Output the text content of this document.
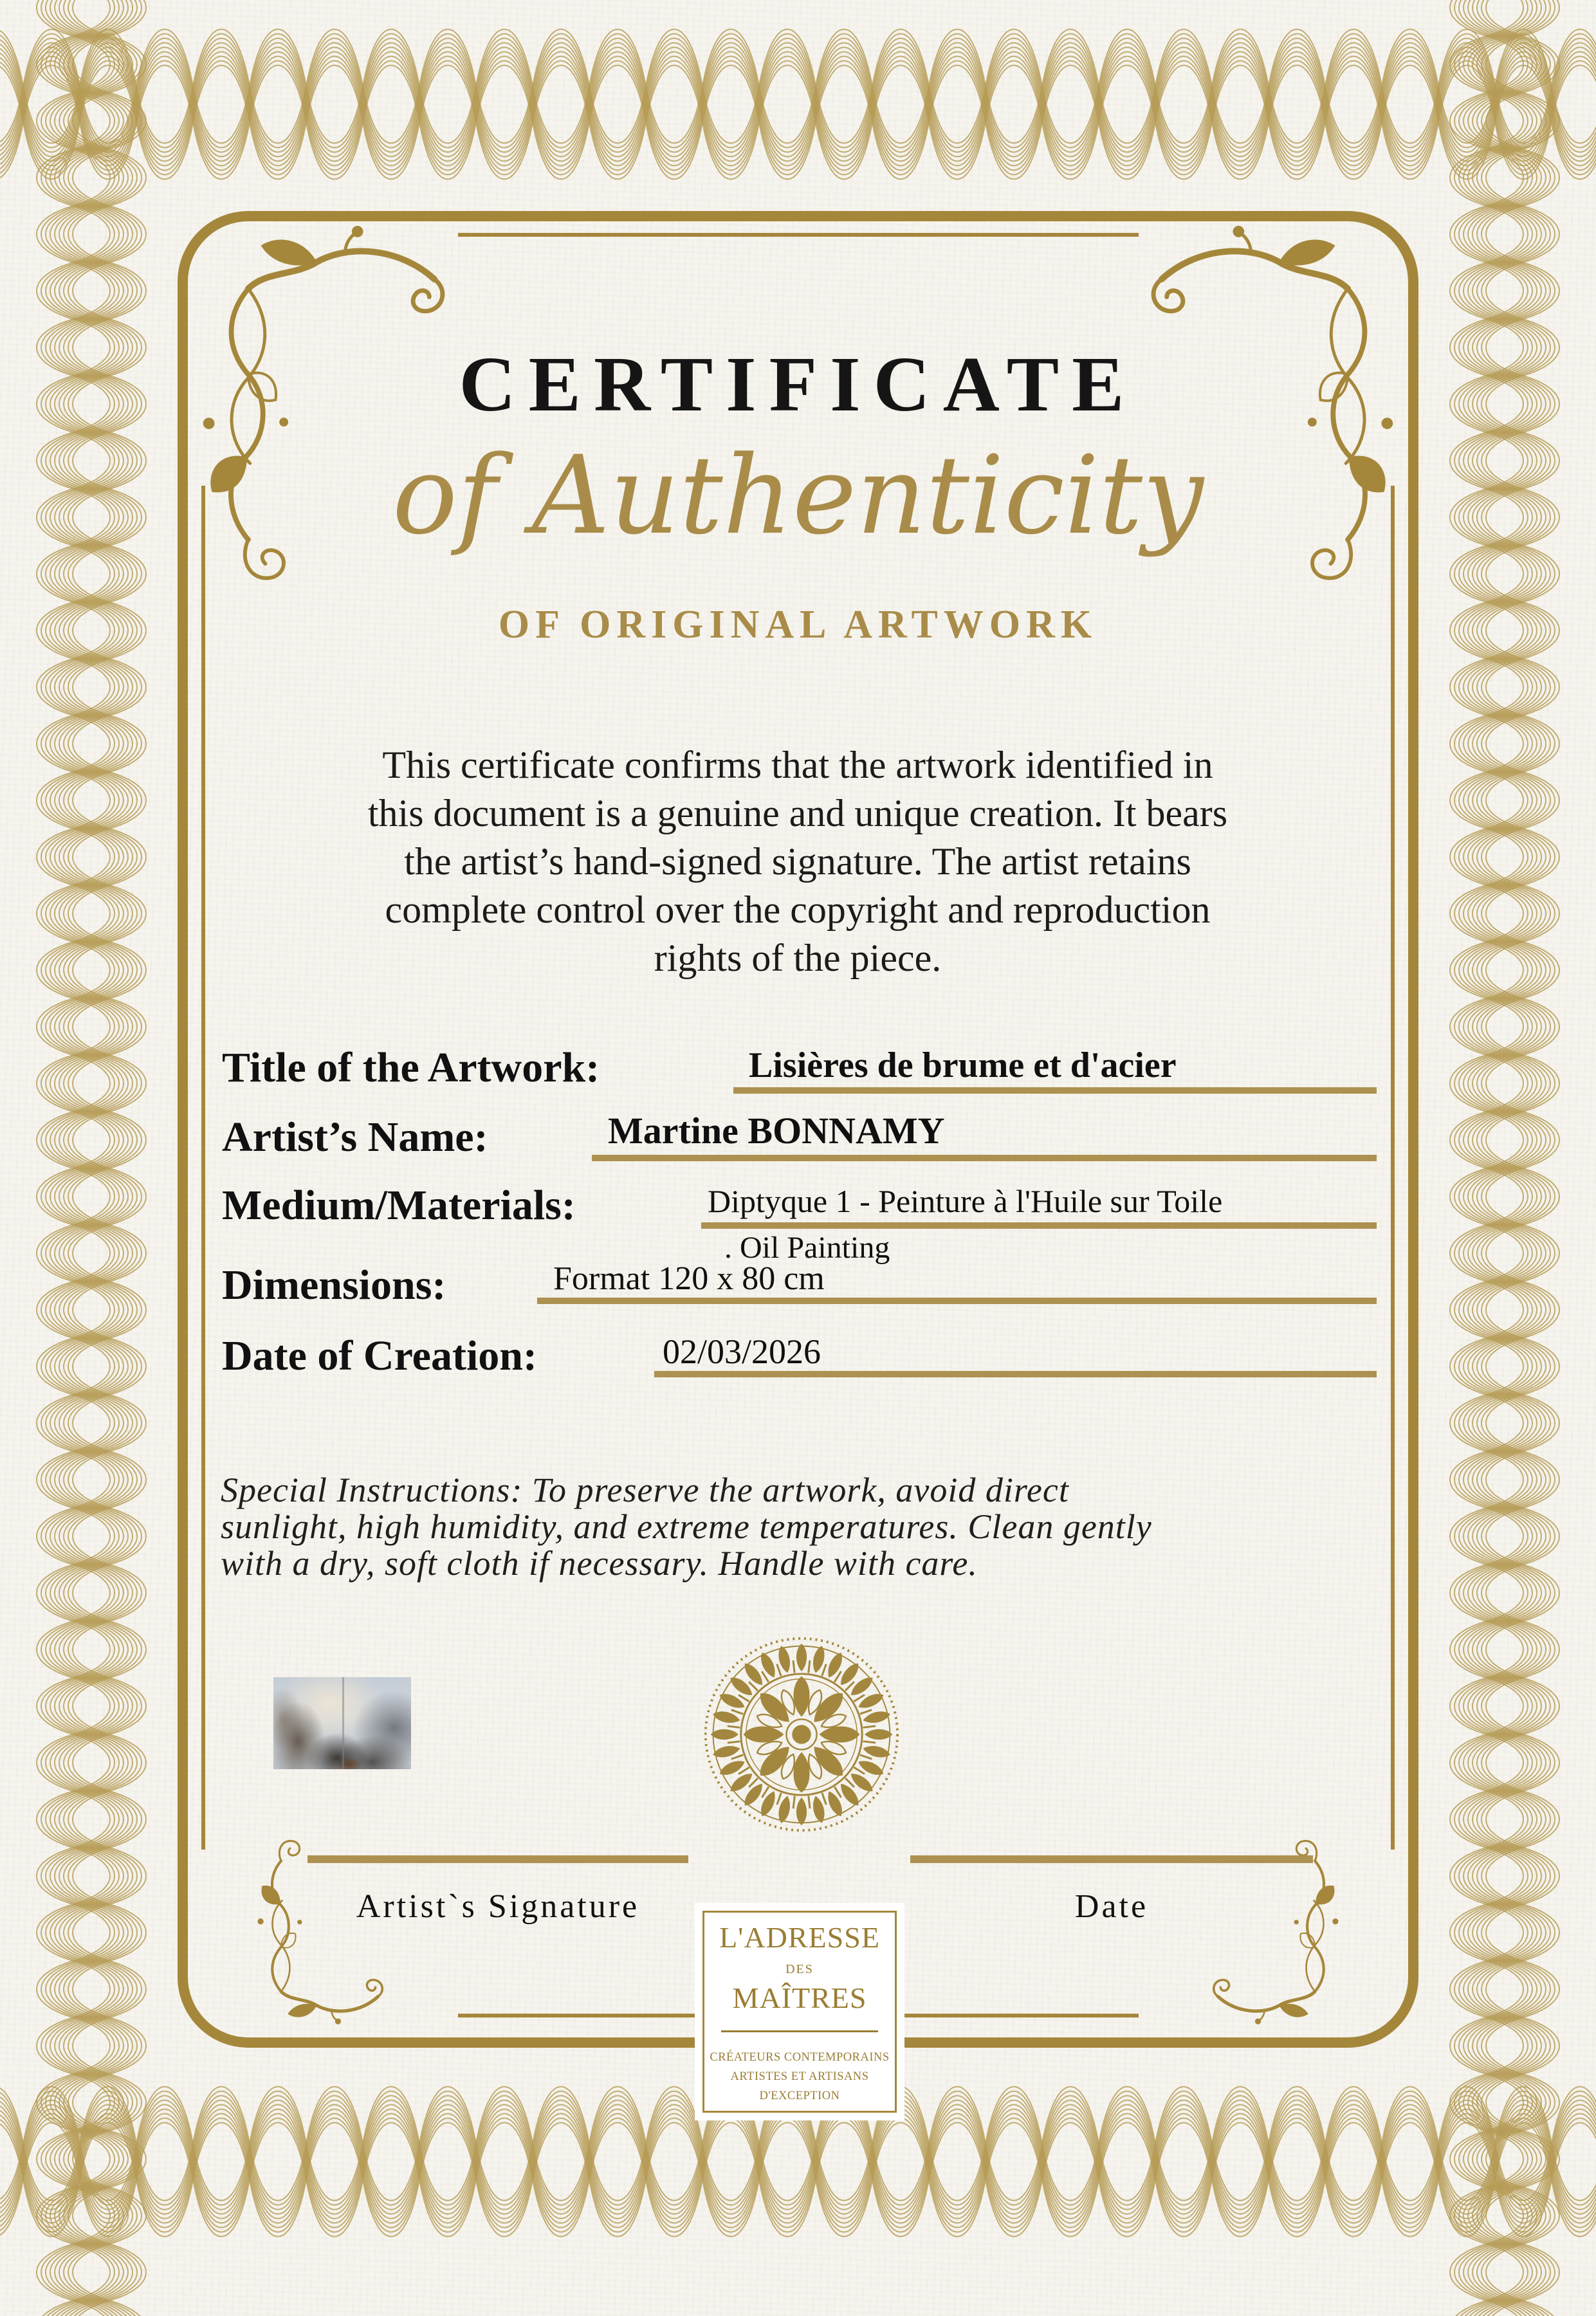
CERTIFICATE
of Authenticity
OF ORIGINAL ARTWORK
This certificate confirms that the artwork identified in
this document is a genuine and unique creation. It bears
the artist’s hand-signed signature. The artist retains
complete control over the copyright and reproduction
rights of the piece.
Title of the Artwork:	Lisières de brume et d'acier
Artist’s Name:	Martine BONNAMY
Medium/Materials:	Diptyque 1 - Peinture à l'Huile sur Toile
. Oil Painting
Dimensions:	Format 120 x 80 cm
Date of Creation:	02/03/2026
Special Instructions: To preserve the artwork, avoid direct
sunlight, high humidity, and extreme temperatures. Clean gently
with a dry, soft cloth if necessary. Handle with care.
Artist`s Signature	Date
L'ADRESSE
DES
MAÎTRES
CRÉATEURS CONTEMPORAINS
ARTISTES ET ARTISANS
D'EXCEPTION
